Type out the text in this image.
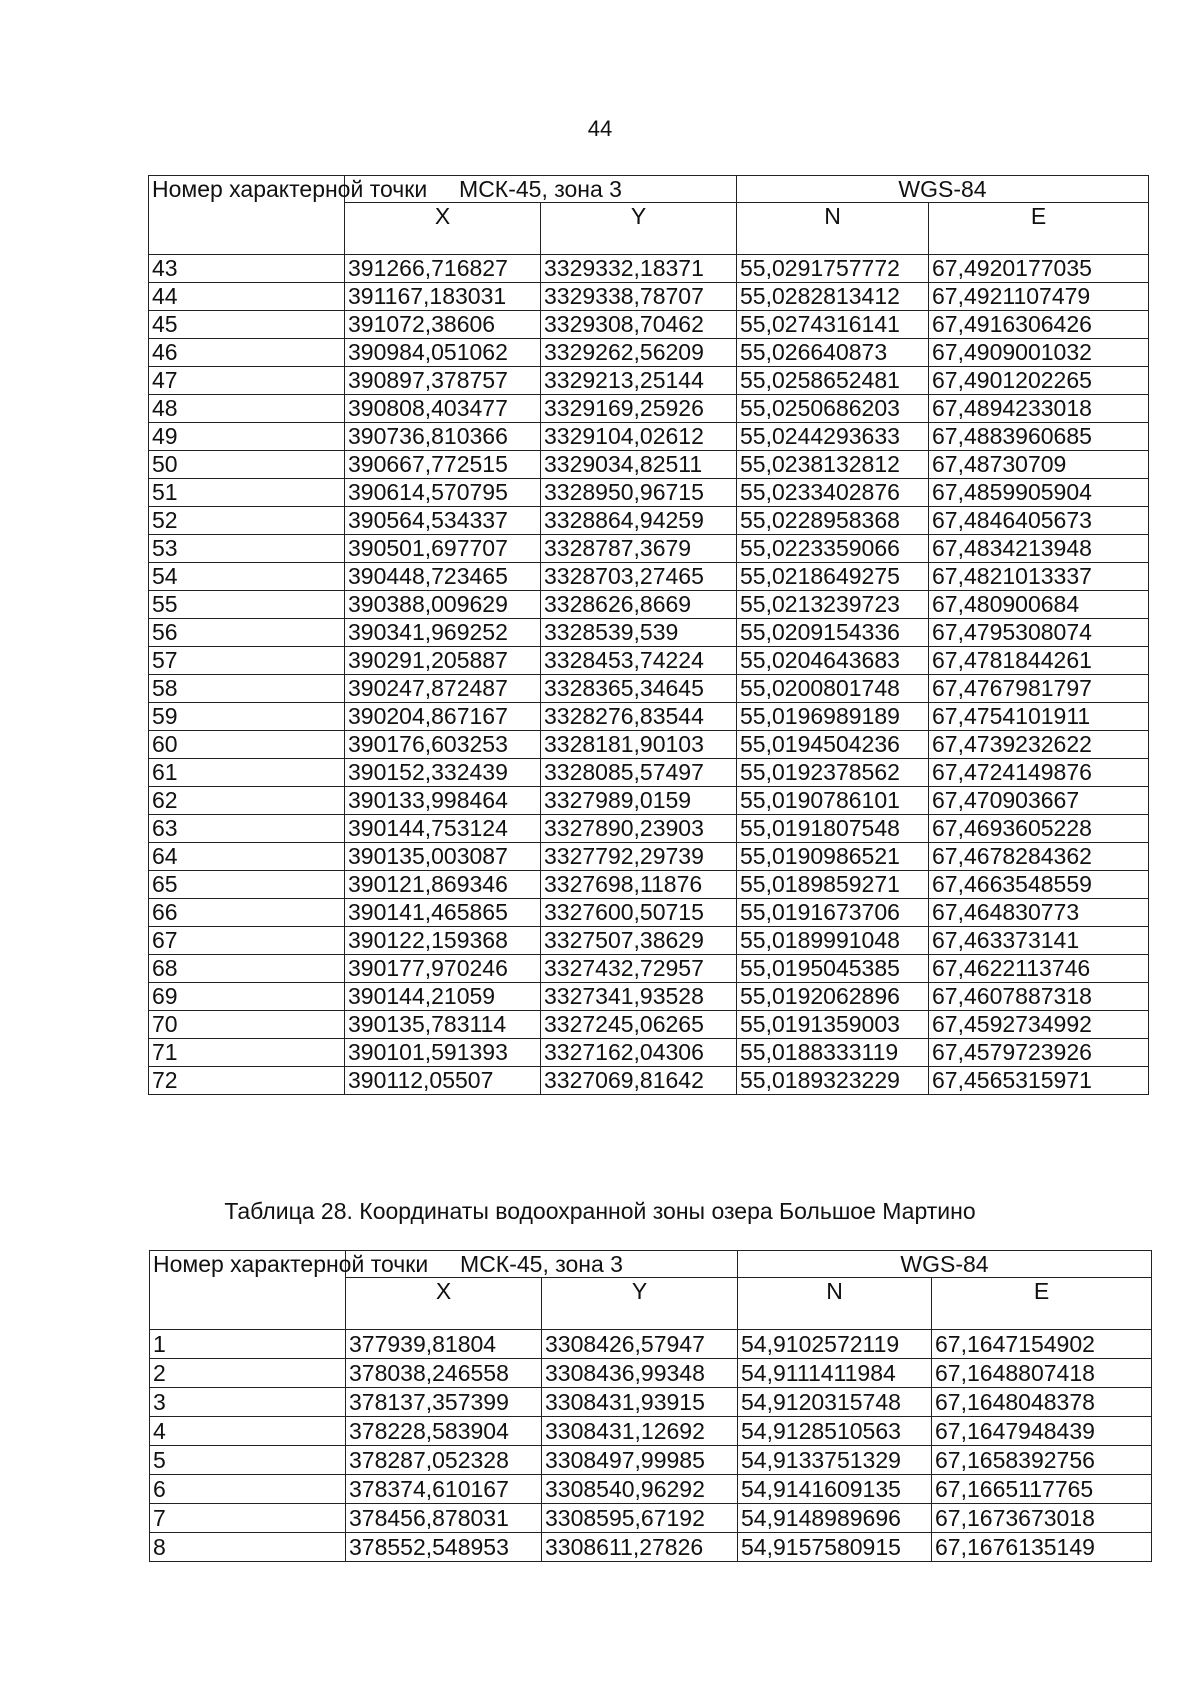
44
Номер характерной точки	МСК-45, зона 3		WGS-84	
	X	Y	N	E
43	391266,716827	3329332,18371	55,0291757772	67,4920177035
44	391167,183031	3329338,78707	55,0282813412	67,4921107479
45	391072,38606	3329308,70462	55,0274316141	67,4916306426
46	390984,051062	3329262,56209	55,026640873	67,4909001032
47	390897,378757	3329213,25144	55,0258652481	67,4901202265
48	390808,403477	3329169,25926	55,0250686203	67,4894233018
49	390736,810366	3329104,02612	55,0244293633	67,4883960685
50	390667,772515	3329034,82511	55,0238132812	67,48730709
51	390614,570795	3328950,96715	55,0233402876	67,4859905904
52	390564,534337	3328864,94259	55,0228958368	67,4846405673
53	390501,697707	3328787,3679	55,0223359066	67,4834213948
54	390448,723465	3328703,27465	55,0218649275	67,4821013337
55	390388,009629	3328626,8669	55,0213239723	67,480900684
56	390341,969252	3328539,539	55,0209154336	67,4795308074
57	390291,205887	3328453,74224	55,0204643683	67,4781844261
58	390247,872487	3328365,34645	55,0200801748	67,4767981797
59	390204,867167	3328276,83544	55,0196989189	67,4754101911
60	390176,603253	3328181,90103	55,0194504236	67,4739232622
61	390152,332439	3328085,57497	55,0192378562	67,4724149876
62	390133,998464	3327989,0159	55,0190786101	67,470903667
63	390144,753124	3327890,23903	55,0191807548	67,4693605228
64	390135,003087	3327792,29739	55,0190986521	67,4678284362
65	390121,869346	3327698,11876	55,0189859271	67,4663548559
66	390141,465865	3327600,50715	55,0191673706	67,464830773
67	390122,159368	3327507,38629	55,0189991048	67,463373141
68	390177,970246	3327432,72957	55,0195045385	67,4622113746
69	390144,21059	3327341,93528	55,0192062896	67,4607887318
70	390135,783114	3327245,06265	55,0191359003	67,4592734992
71	390101,591393	3327162,04306	55,0188333119	67,4579723926
72	390112,05507	3327069,81642	55,0189323229	67,4565315971
Таблица 28. Координаты водоохранной зоны озера Большое Мартино
Номер характерной точки	МСК-45, зона 3		WGS-84	
	X	Y	N	E
1	377939,81804	3308426,57947	54,9102572119	67,1647154902
2	378038,246558	3308436,99348	54,9111411984	67,1648807418
3	378137,357399	3308431,93915	54,9120315748	67,1648048378
4	378228,583904	3308431,12692	54,9128510563	67,1647948439
5	378287,052328	3308497,99985	54,9133751329	67,1658392756
6	378374,610167	3308540,96292	54,9141609135	67,1665117765
7	378456,878031	3308595,67192	54,9148989696	67,1673673018
8	378552,548953	3308611,27826	54,9157580915	67,1676135149
